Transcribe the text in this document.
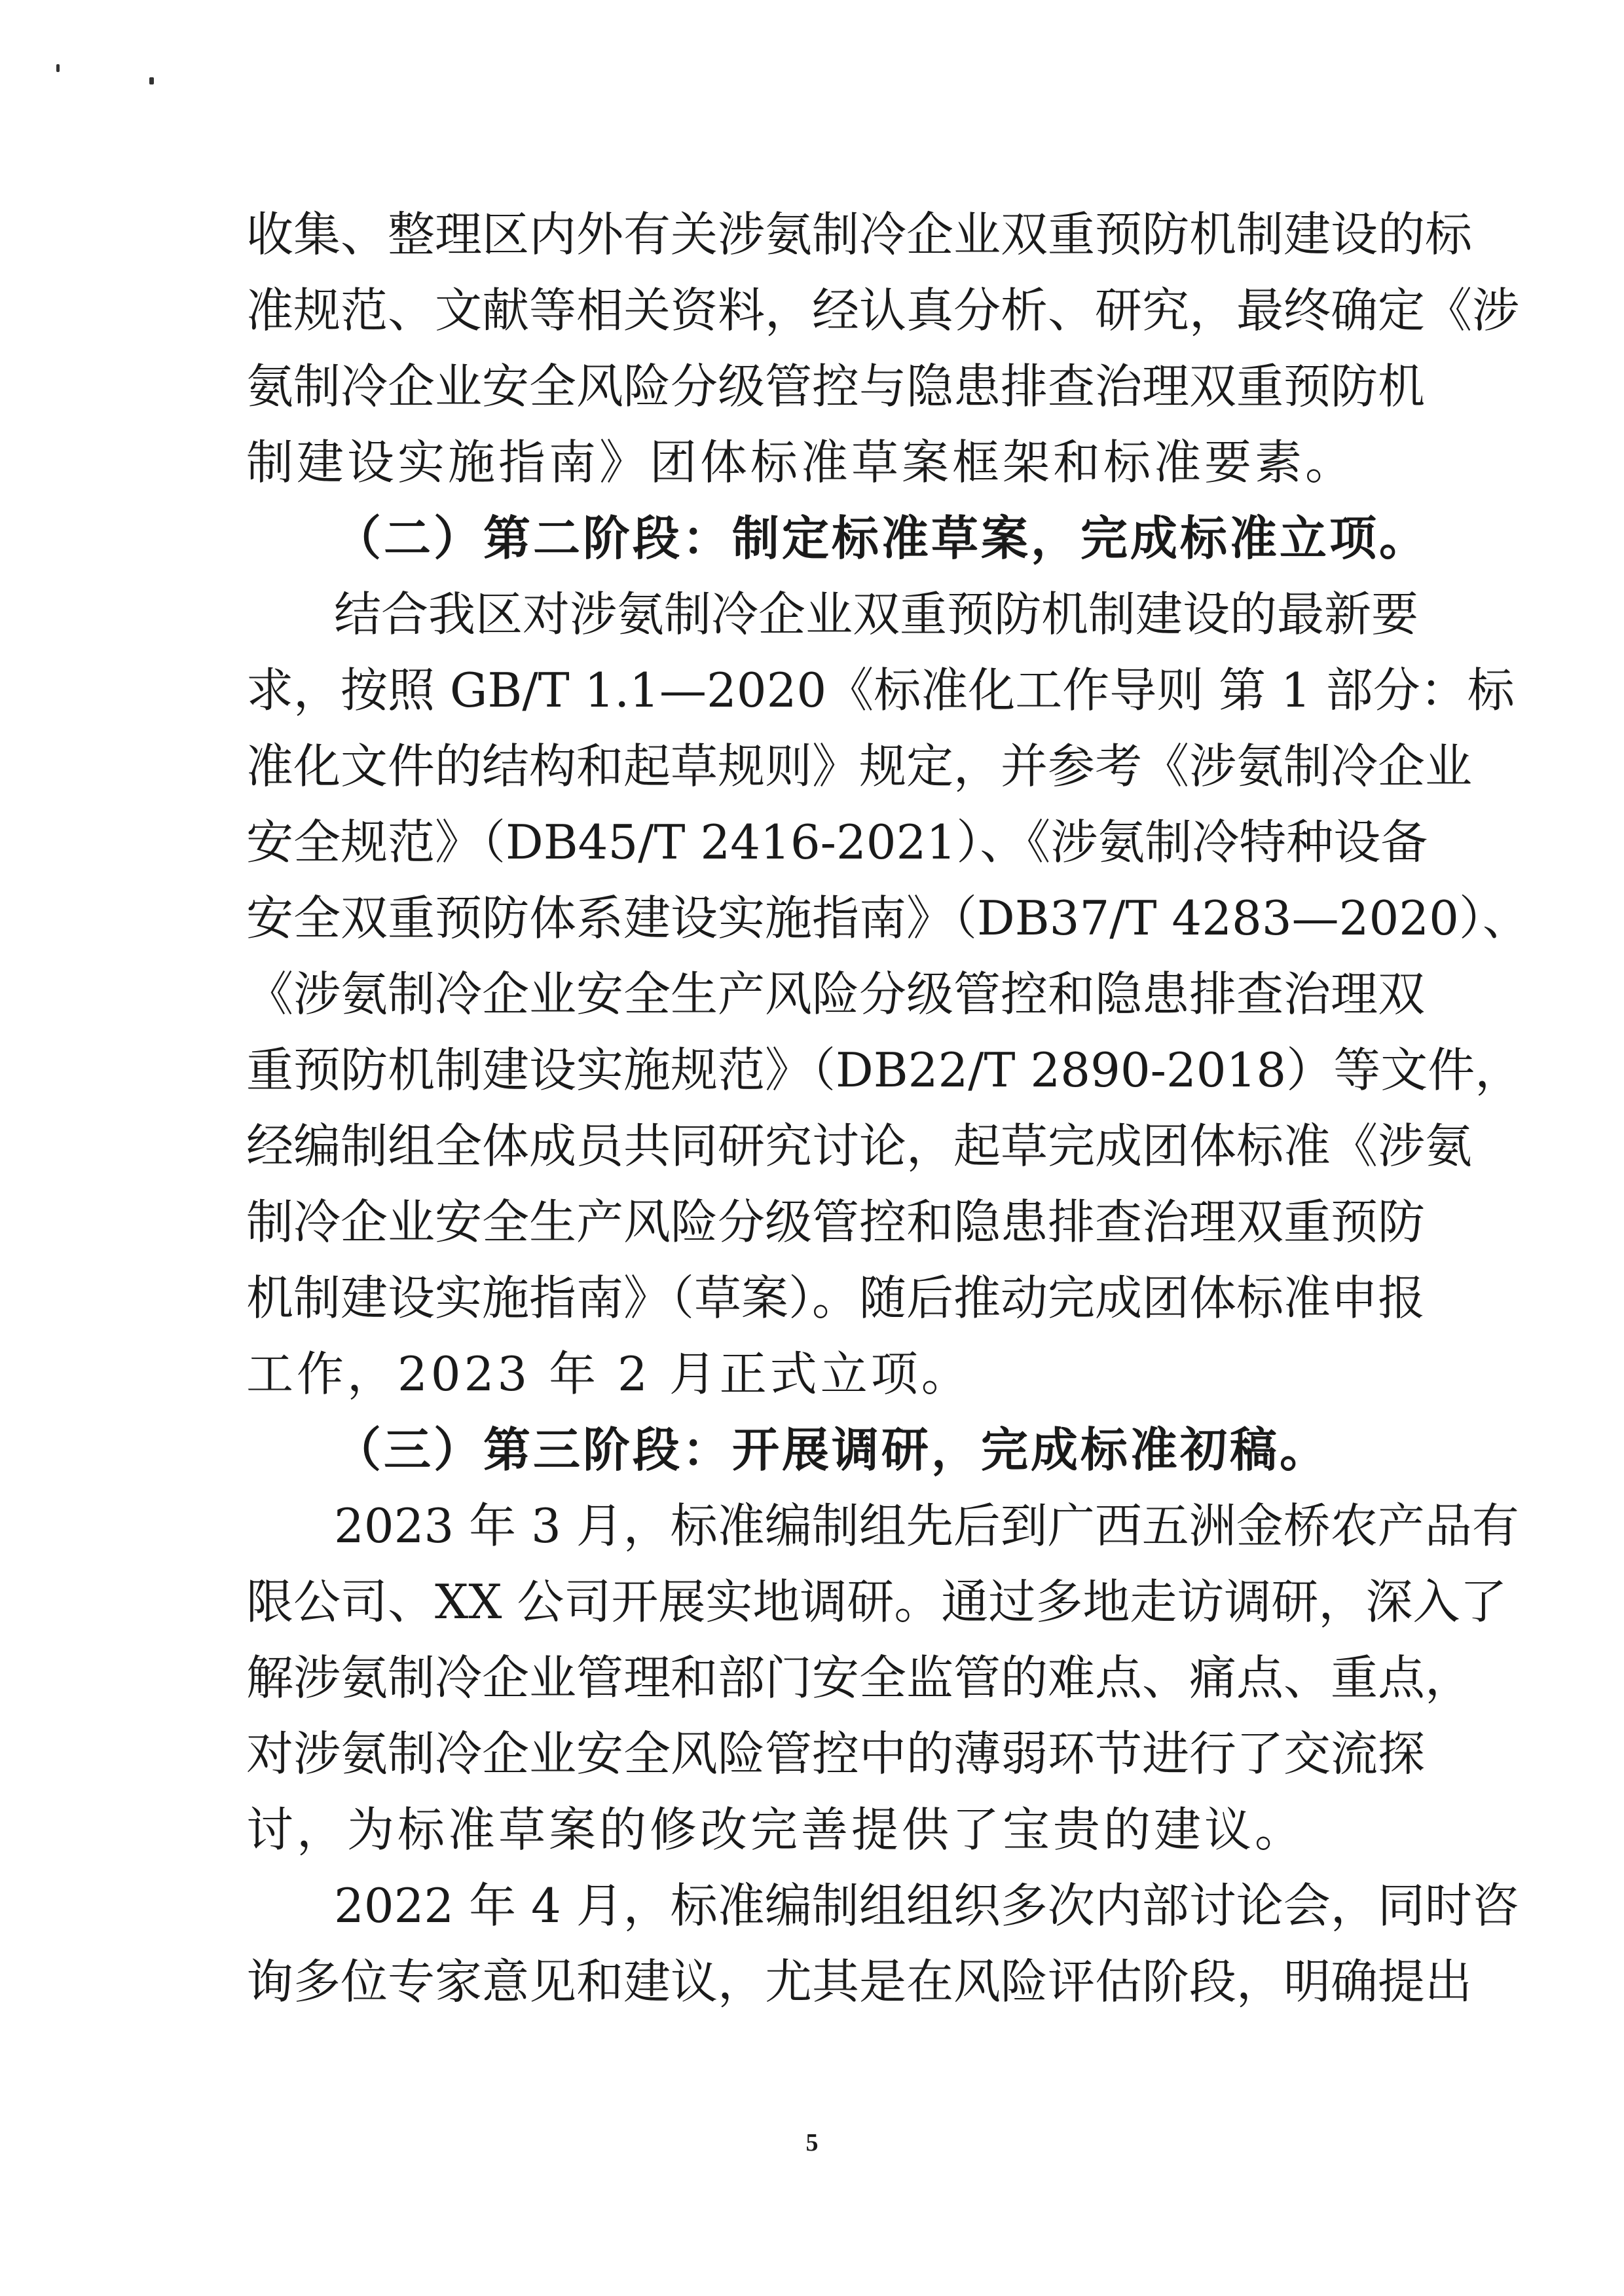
收集、整理区内外有关涉氨制冷企业双重预防机制建设的标
准规范、文献等相关资料，经认真分析、研究，最终确定《涉
氨制冷企业安全风险分级管控与隐患排查治理双重预防机
制建设实施指南》团体标准草案框架和标准要素。
（二）第二阶段：制定标准草案，完成标准立项。
结合我区对涉氨制冷企业双重预防机制建设的最新要
求，按照 GB/T 1.1—2020《标准化工作导则 第 1 部分：标
准化文件的结构和起草规则》规定，并参考《涉氨制冷企业
安全规范》（DB45/T 2416-2021）、《涉氨制冷特种设备
安全双重预防体系建设实施指南》（DB37/T 4283—2020）、
《涉氨制冷企业安全生产风险分级管控和隐患排查治理双
重预防机制建设实施规范》（DB22/T 2890-2018）等文件，
经编制组全体成员共同研究讨论，起草完成团体标准《涉氨
制冷企业安全生产风险分级管控和隐患排查治理双重预防
机制建设实施指南》（草案）。随后推动完成团体标准申报
工作，2023 年 2 月正式立项。
（三）第三阶段：开展调研，完成标准初稿。
2023 年 3 月，标准编制组先后到广西五洲金桥农产品有
限公司、XX 公司开展实地调研。通过多地走访调研，深入了
解涉氨制冷企业管理和部门安全监管的难点、痛点、重点，
对涉氨制冷企业安全风险管控中的薄弱环节进行了交流探
讨，为标准草案的修改完善提供了宝贵的建议。
2022 年 4 月，标准编制组组织多次内部讨论会，同时咨
询多位专家意见和建议，尤其是在风险评估阶段，明确提出
5
